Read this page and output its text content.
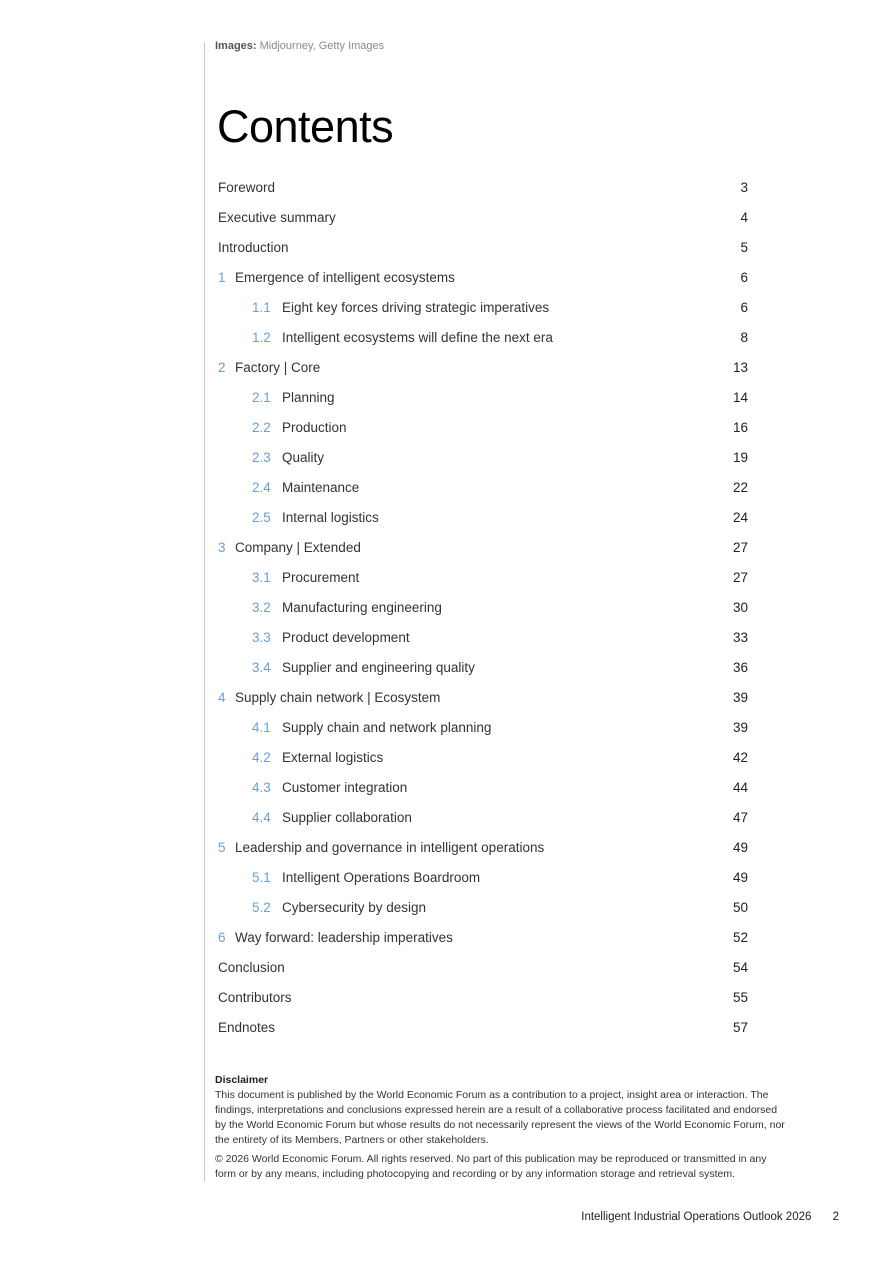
Images: Midjourney, Getty Images
Contents
Foreword	3
Executive summary	4
Introduction	5
1 Emergence of intelligent ecosystems	6
1.1 Eight key forces driving strategic imperatives	6
1.2 Intelligent ecosystems will define the next era	8
2 Factory | Core	13
2.1 Planning	14
2.2 Production	16
2.3 Quality	19
2.4 Maintenance	22
2.5 Internal logistics	24
3 Company | Extended	27
3.1 Procurement	27
3.2 Manufacturing engineering	30
3.3 Product development	33
3.4 Supplier and engineering quality	36
4 Supply chain network | Ecosystem	39
4.1 Supply chain and network planning	39
4.2 External logistics	42
4.3 Customer integration	44
4.4 Supplier collaboration	47
5 Leadership and governance in intelligent operations	49
5.1 Intelligent Operations Boardroom	49
5.2 Cybersecurity by design	50
6 Way forward: leadership imperatives	52
Conclusion	54
Contributors	55
Endnotes	57
Disclaimer

This document is published by the World Economic Forum as a contribution to a project, insight area or interaction. The findings, interpretations and conclusions expressed herein are a result of a collaborative process facilitated and endorsed by the World Economic Forum but whose results do not necessarily represent the views of the World Economic Forum, nor the entirety of its Members, Partners or other stakeholders.

© 2026 World Economic Forum. All rights reserved. No part of this publication may be reproduced or transmitted in any form or by any means, including photocopying and recording or by any information storage and retrieval system.

Intelligent Industrial Operations Outlook 2026 2
